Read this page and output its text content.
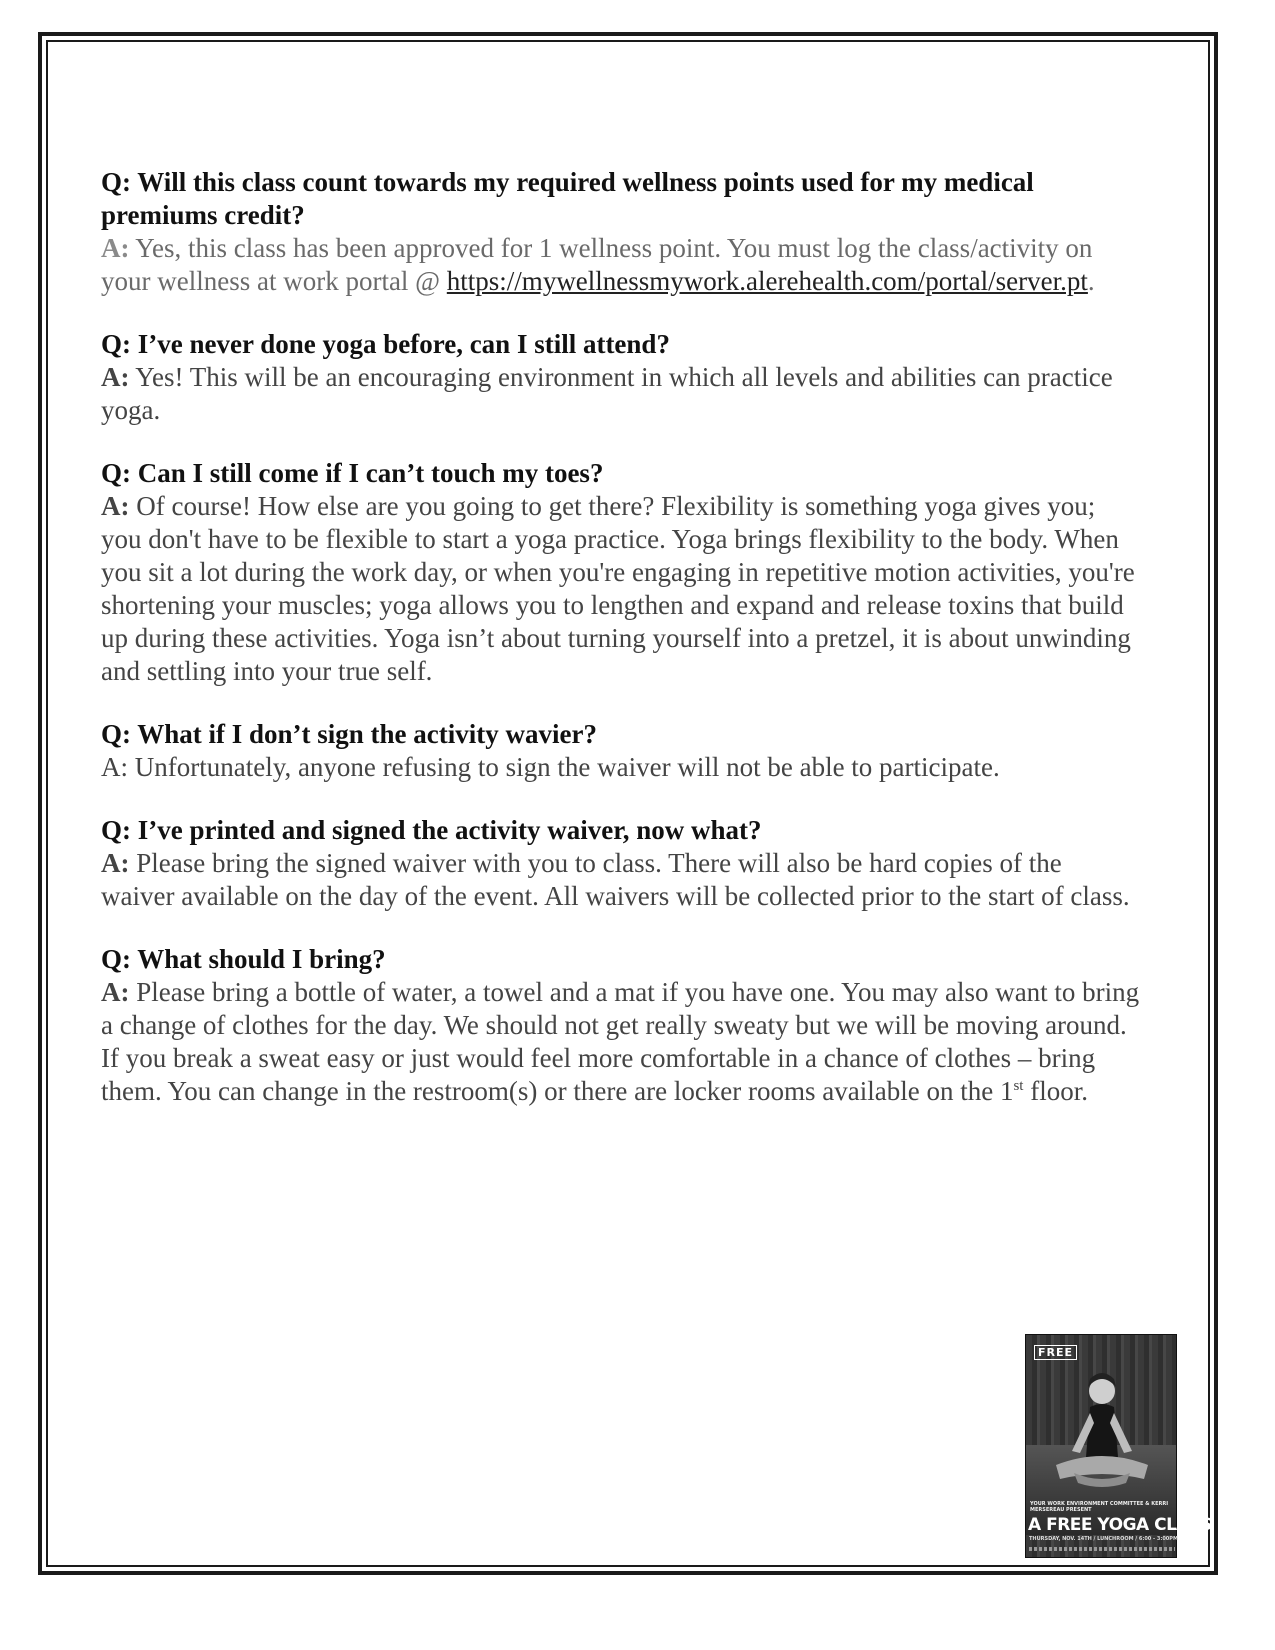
Q: Will this class count towards my required wellness points used for my medical premiums credit?

A: Yes, this class has been approved for 1 wellness point. You must log the class/activity on your wellness at work portal @ https://mywellnessmywork.alerehealth.com/portal/server.pt.

Q: I’ve never done yoga before, can I still attend?

A: Yes! This will be an encouraging environment in which all levels and abilities can practice yoga.

Q: Can I still come if I can’t touch my toes?

A: Of course! How else are you going to get there? Flexibility is something yoga gives you; you don't have to be flexible to start a yoga practice. Yoga brings flexibility to the body. When you sit a lot during the work day, or when you're engaging in repetitive motion activities, you're shortening your muscles; yoga allows you to lengthen and expand and release toxins that build up during these activities. Yoga isn’t about turning yourself into a pretzel, it is about unwinding and settling into your true self.

Q: What if I don’t sign the activity wavier?

A: Unfortunately, anyone refusing to sign the waiver will not be able to participate.

Q: I’ve printed and signed the activity waiver, now what?

A: Please bring the signed waiver with you to class. There will also be hard copies of the waiver available on the day of the event. All waivers will be collected prior to the start of class.

Q: What should I bring?

A: Please bring a bottle of water, a towel and a mat if you have one. You may also want to bring a change of clothes for the day. We should not get really sweaty but we will be moving around. If you break a sweat easy or just would feel more comfortable in a chance of clothes – bring them. You can change in the restroom(s) or there are locker rooms available on the 1st floor.

FREE
YOUR WORK ENVIRONMENT COMMITTEE & KERRI MERSEREAU PRESENT
A FREE YOGA CLASS
THURSDAY, NOV. 14TH / LUNCHROOM / 6:00 - 3:00PM
